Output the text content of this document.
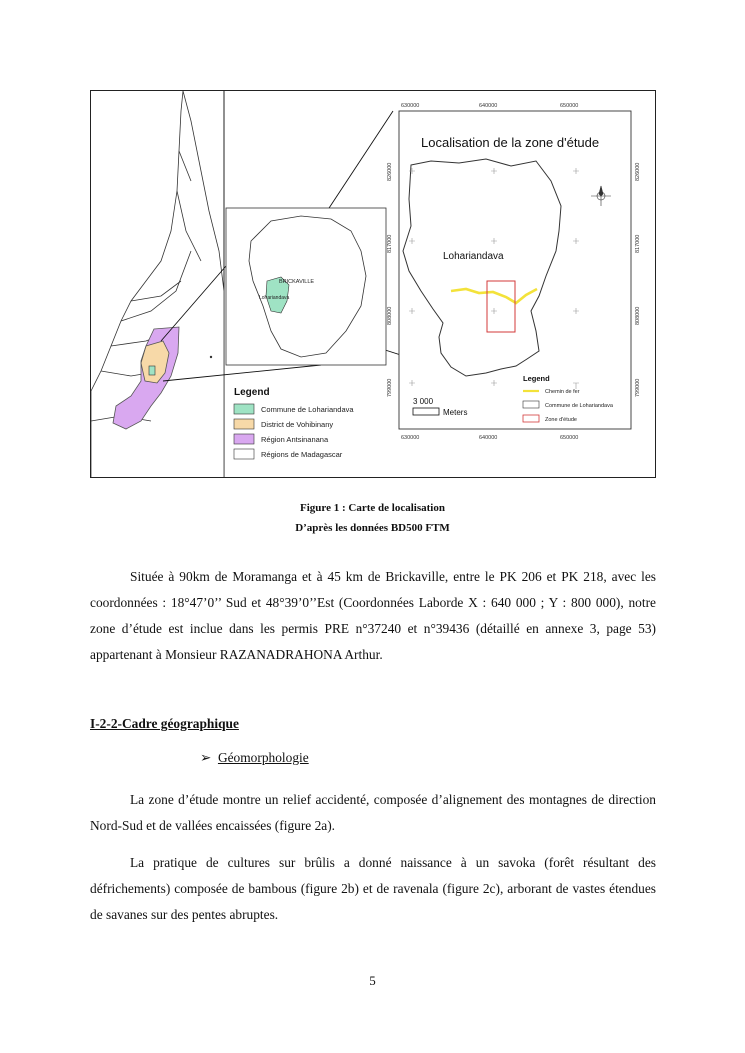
BRICKAVILLE
Lohariandava
Legend
Commune de Lohariandava
District de Vohibinany
Région Antsinanana
Régions de Madagascar
630000	640000	650000
630000	640000	650000
826000
817000
808000
799000
826000
817000
808000
799000
Localisation de la zone d'étude
Lohariandava
3 000
Meters
Legend
Chemin de fer
Commune de Lohariandava
Zone d'étude
Figure 1 : Carte de localisation
D’après les données BD500 FTM

Située à 90km de Moramanga et à 45 km de Brickaville, entre le PK 206 et PK 218, avec les coordonnées : 18°47’0’’ Sud et 48°39’0’’Est (Coordonnées Laborde X : 640 000 ; Y : 800 000), notre zone d’étude est inclue dans les permis PRE n°37240 et n°39436 (détaillé en annexe 3, page 53) appartenant à Monsieur RAZANADRAHONA Arthur.

I-2-2-Cadre géographique
➢ Géomorphologie

La zone d’étude montre un relief accidenté, composée d’alignement des montagnes de direction Nord-Sud et de vallées encaissées (figure 2a).

La pratique de cultures sur brûlis a donné naissance à un savoka (forêt résultant des défrichements) composée de bambous (figure 2b) et de ravenala (figure 2c), arborant de vastes étendues de savanes sur des pentes abruptes.

5
